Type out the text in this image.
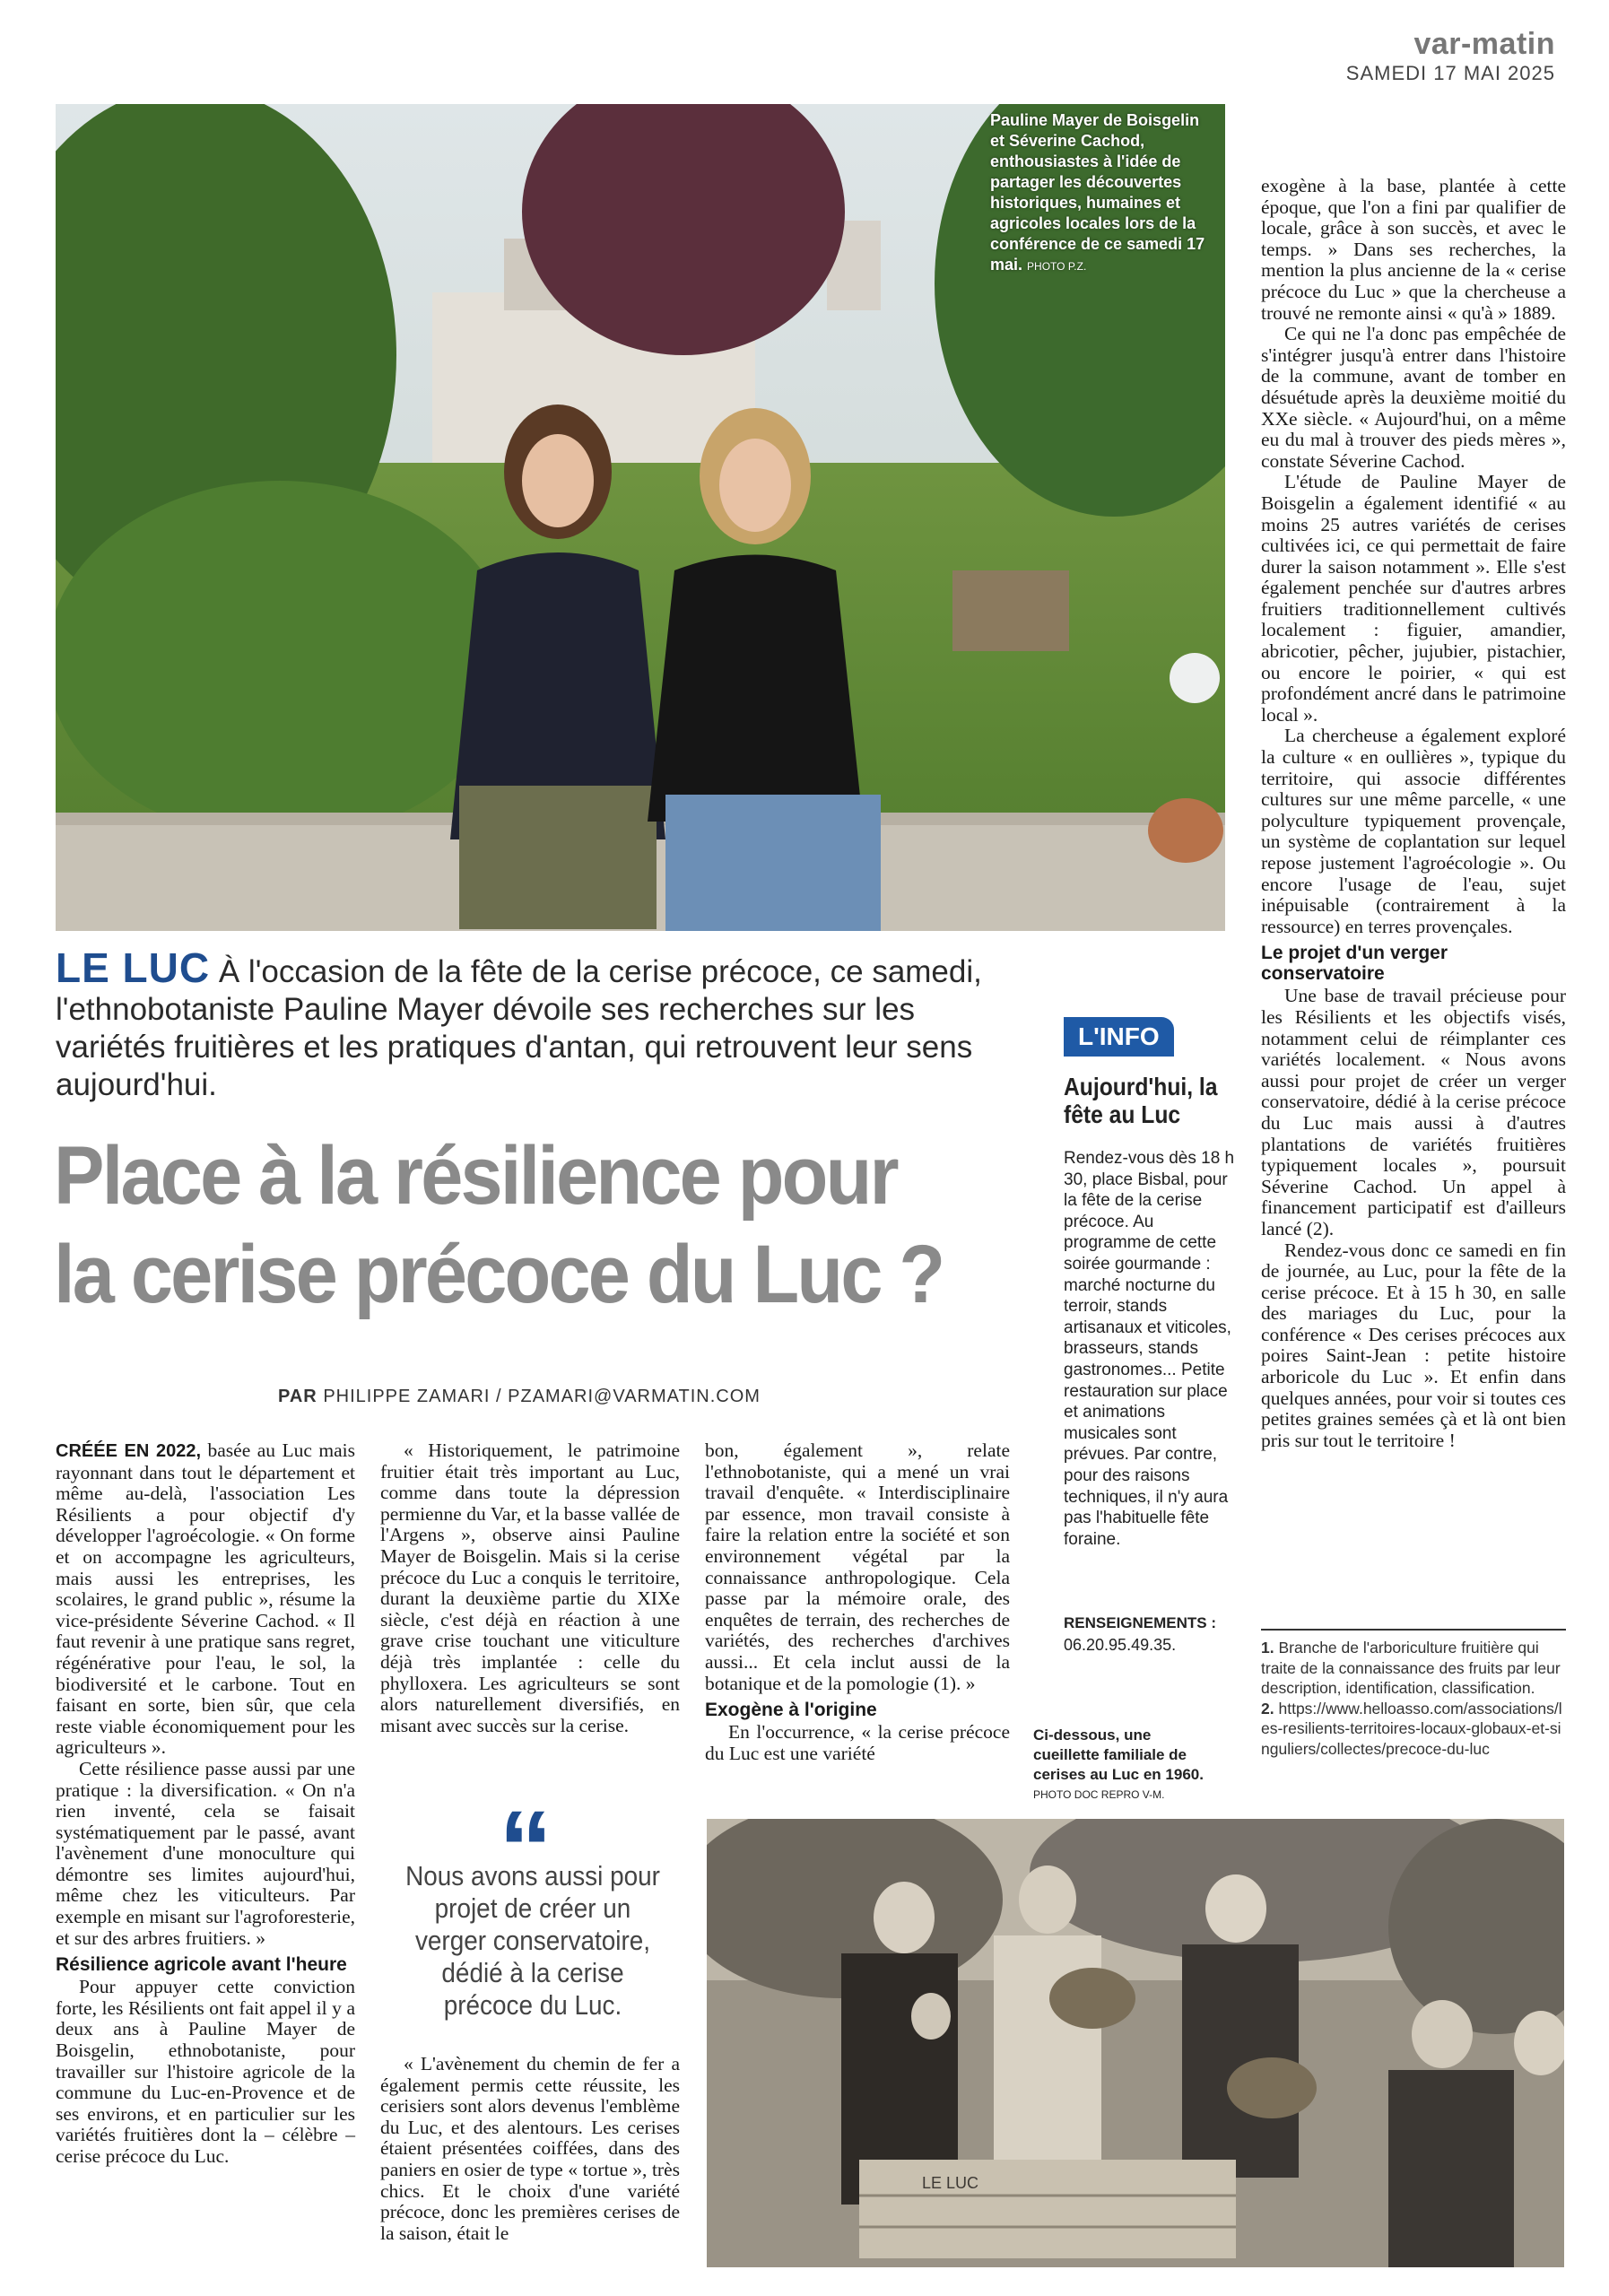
var-matin
SAMEDI 17 MAI 2025
Pauline Mayer de Boisgelin et Séverine Cachod, enthousiastes à l'idée de partager les découvertes historiques, humaines et agricoles locales lors de la conférence de ce samedi 17 mai. PHOTO P.Z.
LE LUC À l'occasion de la fête de la cerise précoce, ce samedi, l'ethnobotaniste Pauline Mayer dévoile ses recherches sur les variétés fruitières et les pratiques d'antan, qui retrouvent leur sens aujourd'hui.
Place à la résilience pour la cerise précoce du Luc ?
PAR PHILIPPE ZAMARI / PZAMARI@VARMATIN.COM

CRÉÉE EN 2022, basée au Luc mais rayonnant dans tout le département et même au-delà, l'association Les Résilients a pour objectif d'y développer l'agroécologie. « On forme et on accompagne les agriculteurs, mais aussi les entreprises, les scolaires, le grand public », résume la vice-présidente Séverine Cachod. « Il faut revenir à une pratique sans regret, régénérative pour l'eau, le sol, la biodiversité et le carbone. Tout en faisant en sorte, bien sûr, que cela reste viable économiquement pour les agriculteurs ».

Cette résilience passe aussi par une pratique : la diversification. « On n'a rien inventé, cela se faisait systématiquement par le passé, avant l'avènement d'une monoculture qui démontre ses limites aujourd'hui, même chez les viticulteurs. Par exemple en misant sur l'agroforesterie, et sur des arbres fruitiers. »

Résilience agricole avant l'heure

Pour appuyer cette conviction forte, les Résilients ont fait appel il y a deux ans à Pauline Mayer de Boisgelin, ethnobotaniste, pour travailler sur l'histoire agricole de la commune du Luc-en-Provence et de ses environs, et en particulier sur les variétés fruitières dont la – célèbre – cerise précoce du Luc.

« Historiquement, le patrimoine fruitier était très important au Luc, comme dans toute la dépression permienne du Var, et la basse vallée de l'Argens », observe ainsi Pauline Mayer de Boisgelin. Mais si la cerise précoce du Luc a conquis le territoire, durant la deuxième partie du XIXe siècle, c'est déjà en réaction à une grave crise touchant une viticulture déjà très implantée : celle du phylloxera. Les agriculteurs se sont alors naturellement diversifiés, en misant avec succès sur la cerise.

“
Nous avons aussi pour projet de créer un verger conservatoire, dédié à la cerise précoce du Luc.

« L'avènement du chemin de fer a également permis cette réussite, les cerisiers sont alors devenus l'emblème du Luc, et des alentours. Les cerises étaient présentées coiffées, dans des paniers en osier de type « tortue », très chics. Et le choix d'une variété précoce, donc les premières cerises de la saison, était le

bon, également », relate l'ethnobotaniste, qui a mené un vrai travail d'enquête. « Interdisciplinaire par essence, mon travail consiste à faire la relation entre la société et son environnement végétal par la connaissance anthropologique. Cela passe par la mémoire orale, des enquêtes de terrain, des recherches de variétés, des recherches d'archives aussi... Et cela inclut aussi de la botanique et de la pomologie (1). »

Exogène à l'origine

En l'occurrence, « la cerise précoce du Luc est une variété

L'INFO
Aujourd'hui, la fête au Luc
Rendez-vous dès 18 h 30, place Bisbal, pour la fête de la cerise précoce. Au programme de cette soirée gourmande : marché nocturne du terroir, stands artisanaux et viticoles, brasseurs, stands gastronomes... Petite restauration sur place et animations musicales sont prévues. Par contre, pour des raisons techniques, il n'y aura pas l'habituelle fête foraine.
RENSEIGNEMENTS :
06.20.95.49.35.

exogène à la base, plantée à cette époque, que l'on a fini par qualifier de locale, grâce à son succès, et avec le temps. » Dans ses recherches, la mention la plus ancienne de la « cerise précoce du Luc » que la chercheuse a trouvé ne remonte ainsi « qu'à » 1889.

Ce qui ne l'a donc pas empêchée de s'intégrer jusqu'à entrer dans l'histoire de la commune, avant de tomber en désuétude après la deuxième moitié du XXe siècle. « Aujourd'hui, on a même eu du mal à trouver des pieds mères », constate Séverine Cachod.

L'étude de Pauline Mayer de Boisgelin a également identifié « au moins 25 autres variétés de cerises cultivées ici, ce qui permettait de faire durer la saison notamment ». Elle s'est également penchée sur d'autres arbres fruitiers traditionnellement cultivés localement : figuier, amandier, abricotier, pêcher, jujubier, pistachier, ou encore le poirier, « qui est profondément ancré dans le patrimoine local ».

La chercheuse a également exploré la culture « en oullières », typique du territoire, qui associe différentes cultures sur une même parcelle, « une polyculture typiquement provençale, un système de coplantation sur lequel repose justement l'agroécologie ». Ou encore l'usage de l'eau, sujet inépuisable (contrairement à la ressource) en terres provençales.

Le projet d'un verger conservatoire

Une base de travail précieuse pour les Résilients et les objectifs visés, notamment celui de réimplanter ces variétés localement. « Nous avons aussi pour projet de créer un verger conservatoire, dédié à la cerise précoce du Luc mais aussi à d'autres plantations de variétés fruitières typiquement locales », poursuit Séverine Cachod. Un appel à financement participatif est d'ailleurs lancé (2).

Rendez-vous donc ce samedi en fin de journée, au Luc, pour la fête de la cerise précoce. Et à 15 h 30, en salle des mariages du Luc, pour la conférence « Des cerises précoces aux poires Saint-Jean : petite histoire arboricole du Luc ». Et enfin dans quelques années, pour voir si toutes ces petites graines semées çà et là ont bien pris sur tout le territoire !

1. Branche de l'arboriculture fruitière qui traite de la connaissance des fruits par leur description, identification, classification.
2. https://www.helloasso.com/associations/les-resilients-territoires-locaux-globaux-et-singuliers/collectes/precoce-du-luc
Ci-dessous, une cueillette familiale de cerises au Luc en 1960.
PHOTO DOC REPRO V-M.
LE LUC
